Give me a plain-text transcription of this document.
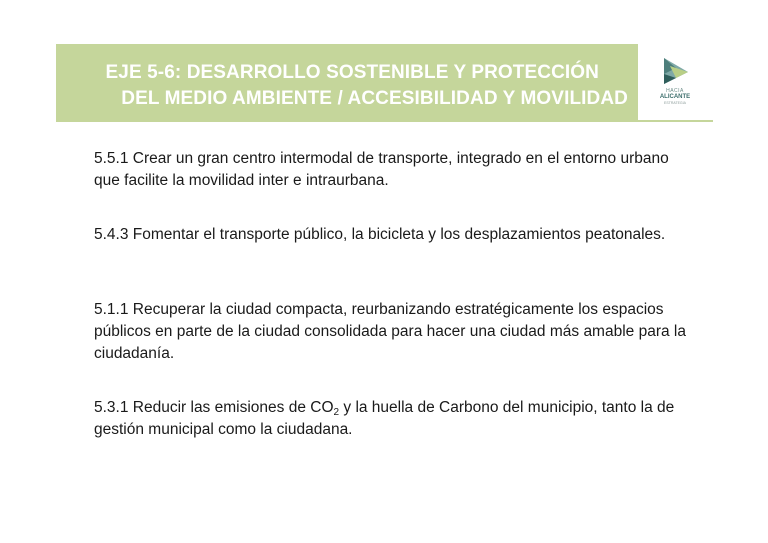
EJE 5-6: DESARROLLO SOSTENIBLE Y PROTECCIÓN
DEL MEDIO AMBIENTE / ACCESIBILIDAD Y MOVILIDAD	HACIA
ALICANTE
ESTRATEGIA

5.5.1 Crear un gran centro intermodal de transporte, integrado en el entorno urbano que facilite la movilidad inter e intraurbana.

5.4.3 Fomentar el transporte público, la bicicleta y los desplazamientos peatonales.

5.1.1 Recuperar la ciudad compacta, reurbanizando estratégicamente los espacios públicos en parte de la ciudad consolidada para hacer una ciudad más amable para la ciudadanía.

5.3.1 Reducir las emisiones de $CO_2$ y la huella de Carbono del municipio, tanto la de gestión municipal como la ciudadana.
